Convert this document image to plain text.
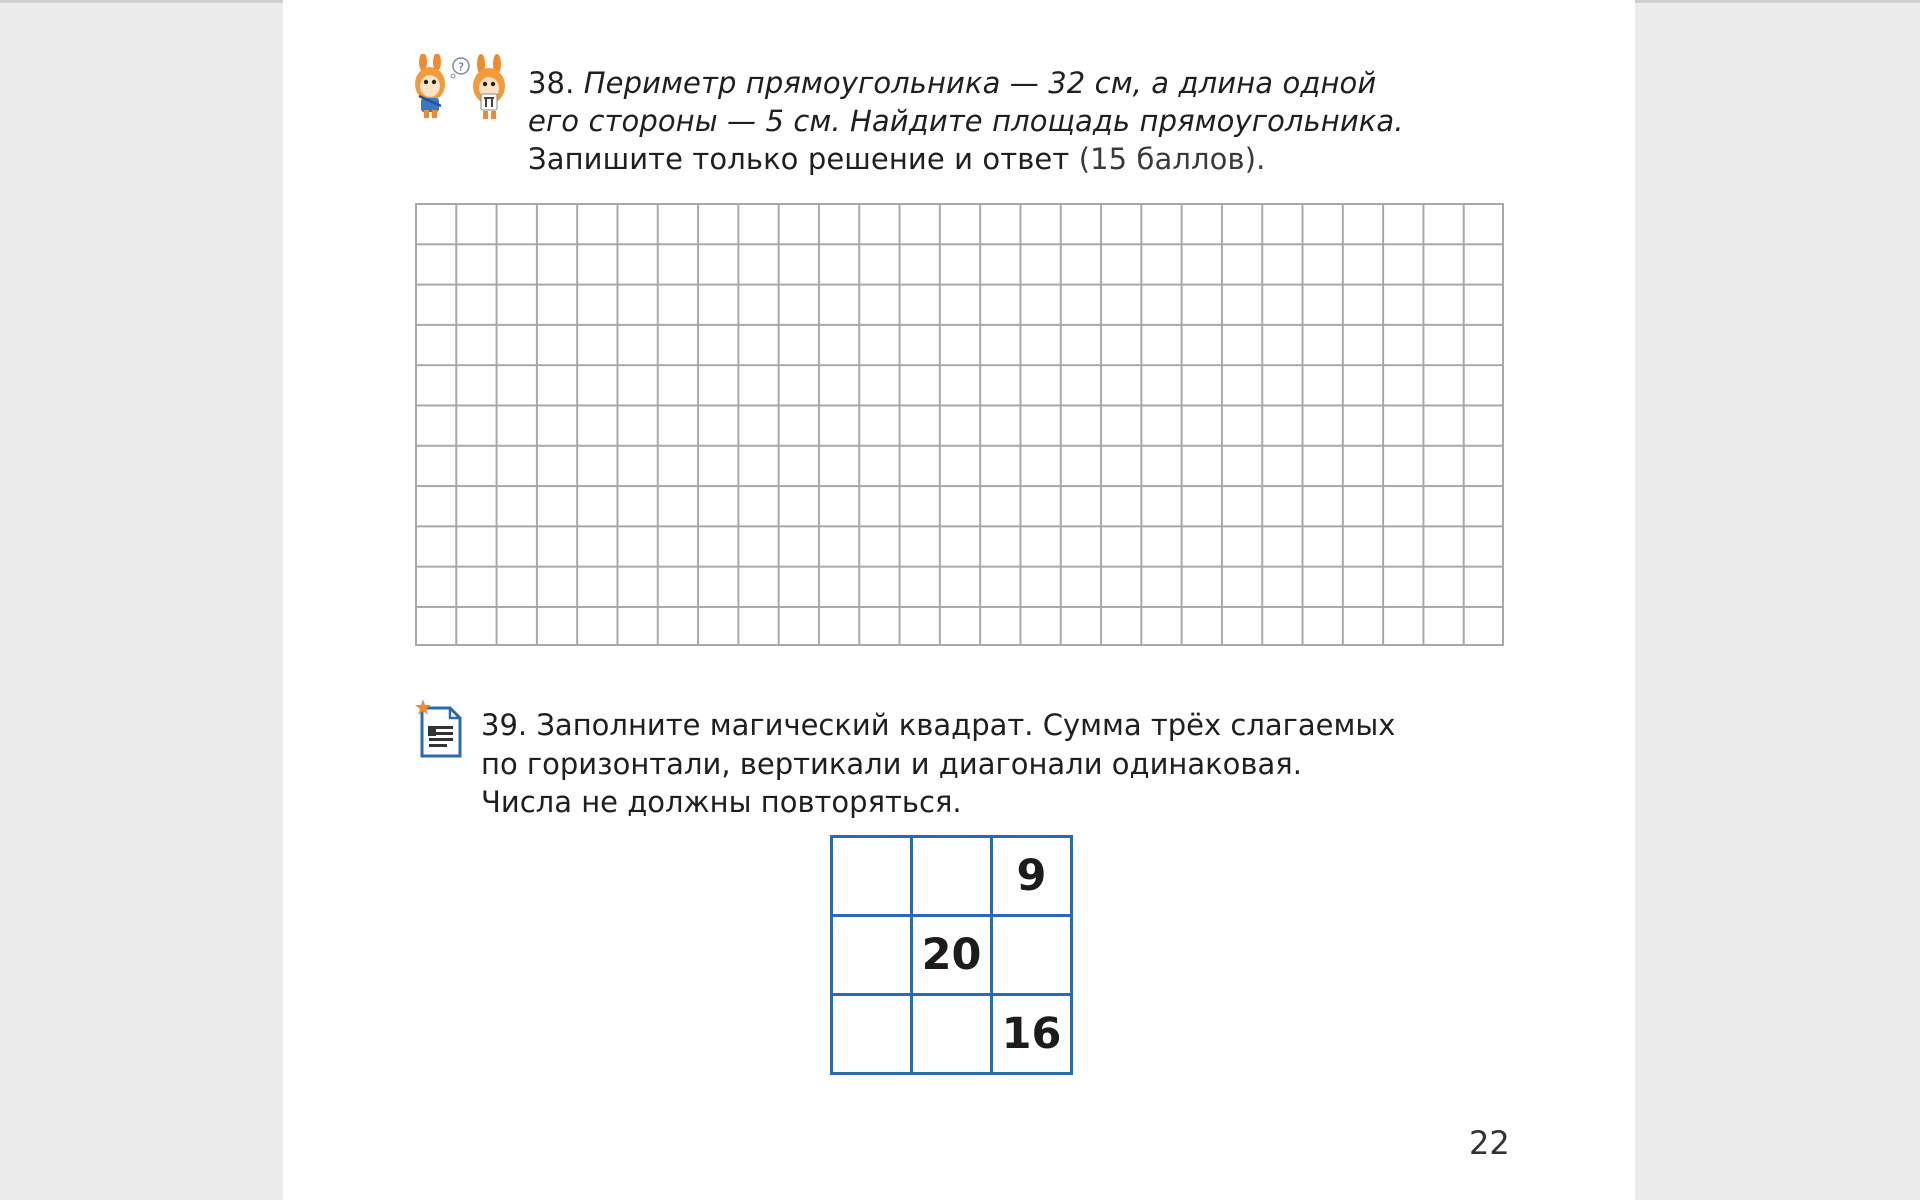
? 38. Периметр прямоугольника — 32 см, а длина одной его стороны — 5 см. Найдите площадь прямоугольника.
Запишите только решение и ответ (15 баллов).
39. Заполните магический квадрат. Сумма трёх слагаемых
по горизонтали, вертикали и диагонали одинаковая.
Числа не должны повторяться.
		9
	20	
		16
22
